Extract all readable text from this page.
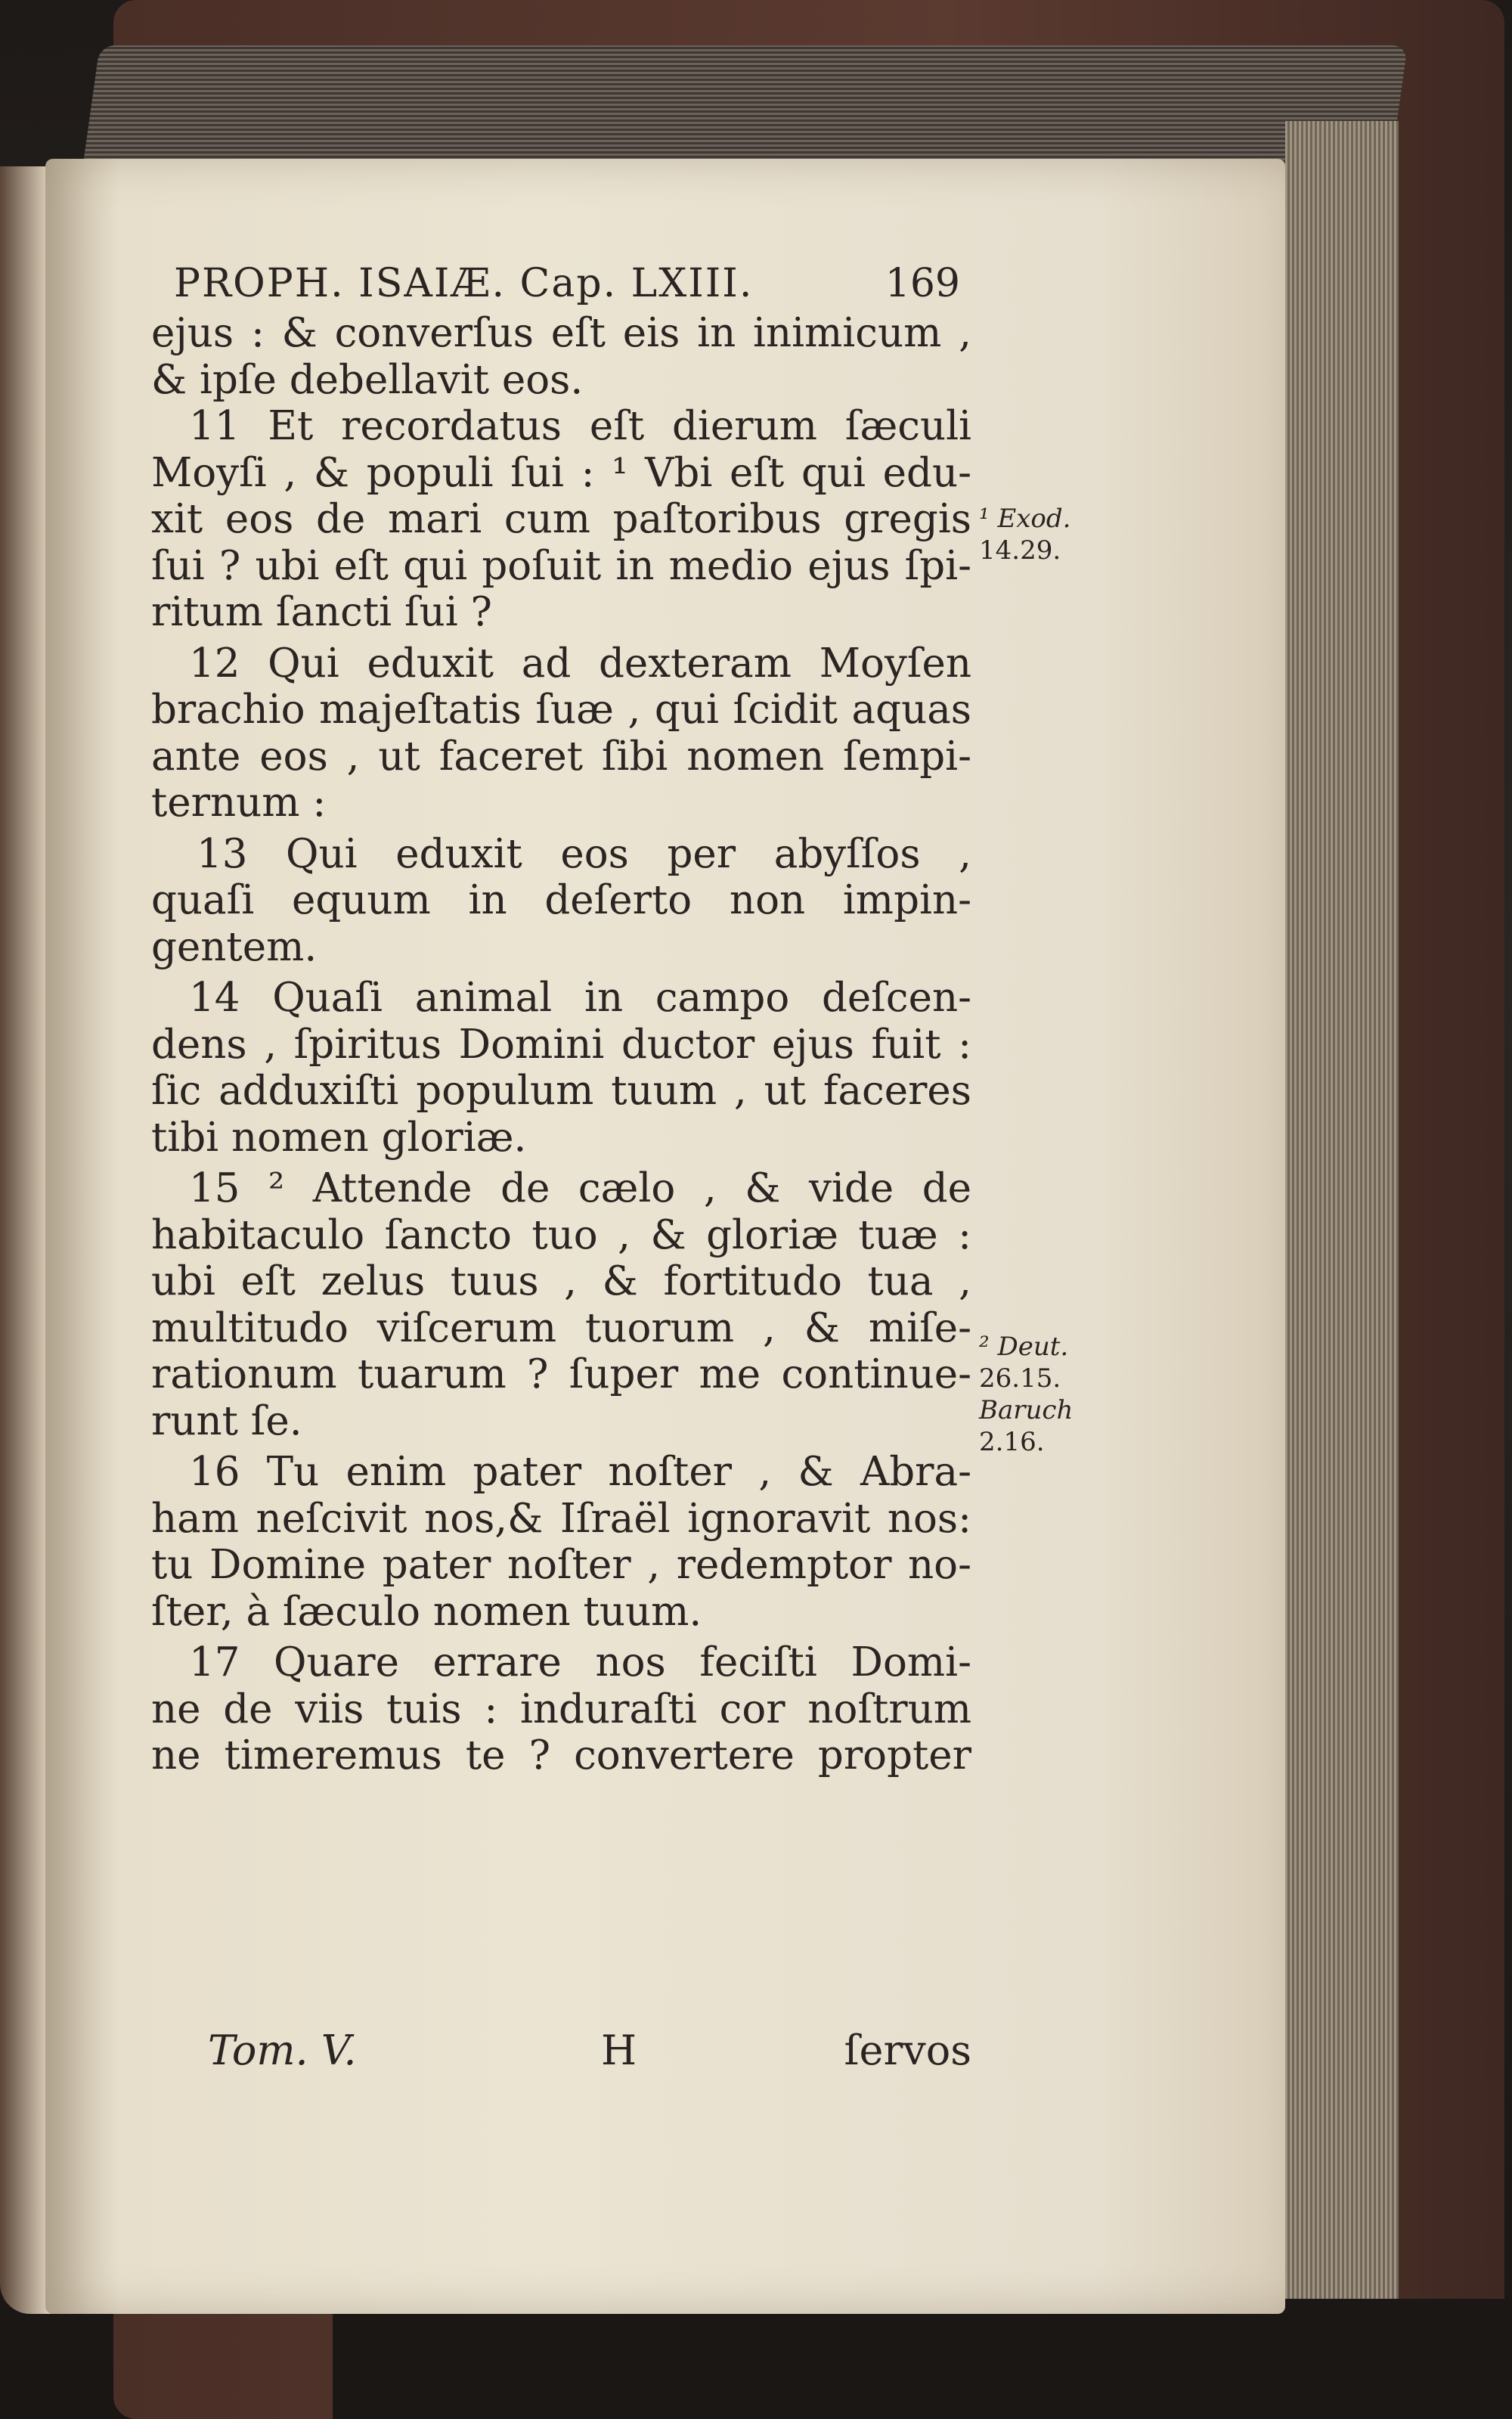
PROPH. ISAIÆ. Cap. LXIII.	169
ejus : & converſus eſt eis in inimicum ,
& ipſe debellavit eos.
11 Et recordatus eſt dierum ſæculi
Moyſi , & populi ſui : ¹ Vbi eſt qui edu-
xit eos de mari cum paſtoribus gregis
ſui ? ubi eſt qui poſuit in medio ejus ſpi-
ritum ſancti ſui ?
12 Qui eduxit ad dexteram Moyſen
brachio majeſtatis ſuæ , qui ſcidit aquas
ante eos , ut faceret ſibi nomen ſempi-
ternum :
13 Qui eduxit eos per abyſſos ,
quaſi equum in deſerto non impin-
gentem.
14 Quaſi animal in campo deſcen-
dens , ſpiritus Domini ductor ejus fuit :
ſic adduxiſti populum tuum , ut faceres
tibi nomen gloriæ.
15 ² Attende de cælo , & vide de
habitaculo ſancto tuo , & gloriæ tuæ :
ubi eſt zelus tuus , & fortitudo tua ,
multitudo viſcerum tuorum , & miſe-
rationum tuarum ? ſuper me continue-
runt ſe.
16 Tu enim pater noſter , & Abra-
ham neſcivit nos,& Iſraël ignoravit nos:
tu Domine pater noſter , redemptor no-
ſter, à ſæculo nomen tuum.
17 Quare errare nos feciſti Domi-
ne de viis tuis : induraſti cor noſtrum
ne timeremus te ? convertere propter
¹ Exod.
14.29.
² Deut.
26.15.
Baruch
2.16.
Tom. V.	H	ſervos
